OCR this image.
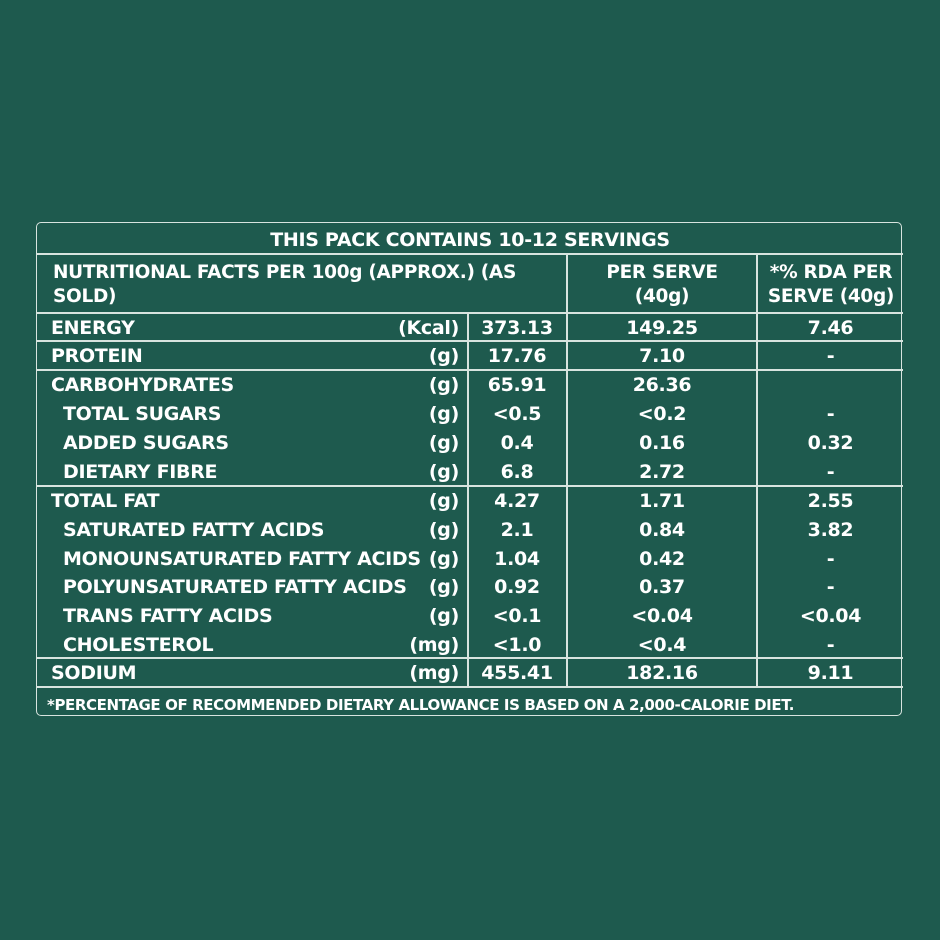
THIS PACK CONTAINS 10-12 SERVINGS
NUTRITIONAL FACTS PER 100g (APPROX.) (AS SOLD)
PER SERVE (40g)
*% RDA PER SERVE (40g)
ENERGY	(Kcal)	373.13	149.25	7.46
PROTEIN	(g)	17.76	7.10	-
CARBOHYDRATES	(g)	65.91	26.36
TOTAL SUGARS	(g)	<0.5	<0.2	-
ADDED SUGARS	(g)	0.4	0.16	0.32
DIETARY FIBRE	(g)	6.8	2.72	-
TOTAL FAT	(g)	4.27	1.71	2.55
SATURATED FATTY ACIDS	(g)	2.1	0.84	3.82
MONOUNSATURATED FATTY ACIDS (g)	1.04	0.42	-
POLYUNSATURATED FATTY ACIDS	(g)	0.92	0.37	-
TRANS FATTY ACIDS	(g)	<0.1	<0.04	<0.04
CHOLESTEROL	(mg)	<1.0	<0.4	-
SODIUM	(mg)	455.41	182.16	9.11
*PERCENTAGE OF RECOMMENDED DIETARY ALLOWANCE IS BASED ON A 2,000-CALORIE DIET.
